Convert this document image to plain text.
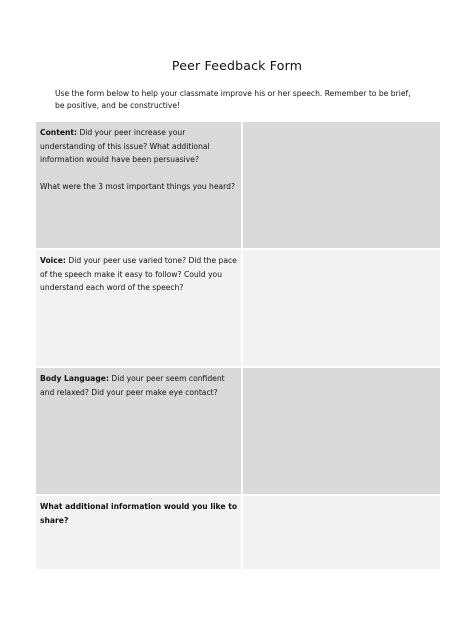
Peer Feedback Form
Use the form below to help your classmate improve his or her speech. Remember to be brief, be positive, and be constructive!

Content: Did your peer increase your understanding of this issue? What additional information would have been persuasive?

What were the 3 most important things you heard?	

Voice: Did your peer use varied tone? Did the pace of the speech make it easy to follow? Could you understand each word of the speech?	

Body Language: Did your peer seem confident and relaxed? Did your peer make eye contact?	

What additional information would you like to share?	
